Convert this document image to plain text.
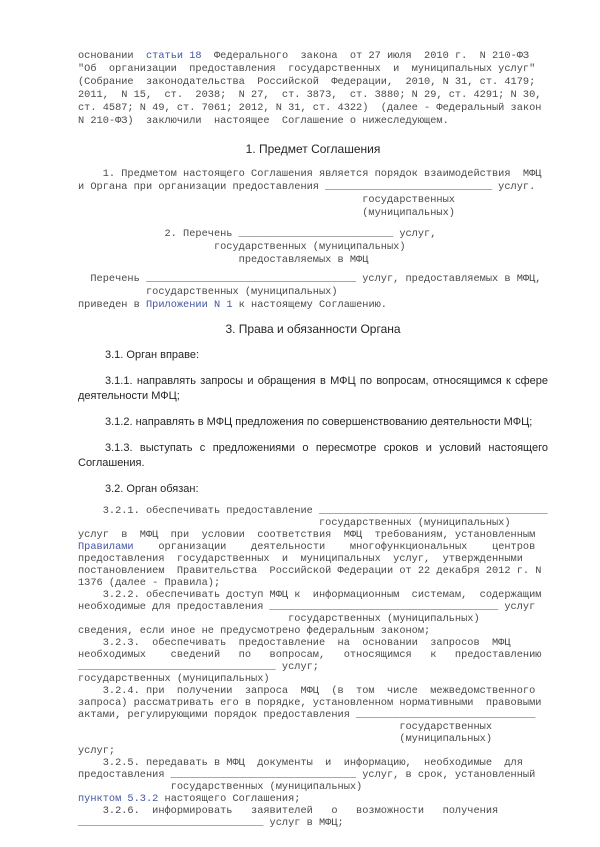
основании  статьи 18  Федерального  закона  от 27 июля  2010 г.  N 210-ФЗ
"Об  организации  предоставления  государственных  и  муниципальных услуг"
(Собрание  законодательства  Российской  Федерации,  2010, N 31, ст. 4179;
2011,  N 15,  ст.  2038;  N 27,  ст. 3873,  ст. 3880; N 29, ст. 4291; N 30,
ст. 4587; N 49, ст. 7061; 2012, N 31, ст. 4322)  (далее - Федеральный закон
N 210-ФЗ)  заключили  настоящее  Соглашение о нижеследующем.
1. Предмет Соглашения
1. Предметом настоящего Соглашения является порядок взаимодействия  МФЦ
и Органа при организации предоставления ___________________________ услуг.
государственных
(муниципальных)
2. Перечень _________________________ услуг,
государственных (муниципальных)
предоставляемых в МФЦ
Перечень __________________________________ услуг, предоставляемых в МФЦ,
государственных (муниципальных)
приведен в Приложении N 1 к настоящему Соглашению.
3. Права и обязанности Органа

3.1. Орган вправе:

3.1.1. направлять запросы и обращения в МФЦ по вопросам, относящимся к сфере деятельности МФЦ;

3.1.2. направлять в МФЦ предложения по совершенствованию деятельности МФЦ;

3.1.3. выступать с предложениями о пересмотре сроков и условий настоящего Соглашения.

3.2. Орган обязан:

3.2.1. обеспечивать предоставление _____________________________________
государственных (муниципальных)
услуг  в  МФЦ  при  условии  соответствия  МФЦ  требованиям, установленным
Правилами    организации    деятельности    многофункциональных    центров
предоставления  государственных  и  муниципальных  услуг,  утвержденными
постановлением  Правительства  Российской Федерации от 22 декабря 2012 г. N
1376 (далее - Правила);
3.2.2. обеспечивать доступ МФЦ к  информационным  системам,  содержащим
необходимые для предоставления _____________________________________ услуг
государственных (муниципальных)
сведения, если иное не предусмотрено федеральным законом;
3.2.3.  обеспечивать  предоставление  на  основании  запросов  МФЦ
необходимых    сведений   по   вопросам,   относящимся   к   предоставлению
________________________________ услуг;
государственных (муниципальных)
3.2.4. при  получении  запроса  МФЦ  (в  том  числе  межведомственного
запроса) рассматривать его в порядке, установленном нормативными  правовыми
актами, регулирующими порядок предоставления _____________________________
государственных
(муниципальных)
услуг;
3.2.5. передавать в МФЦ  документы  и  информацию,  необходимые  для
предоставления ______________________________ услуг, в срок, установленный
государственных (муниципальных)
пунктом 5.3.2 настоящего Соглашения;
3.2.6.  информировать   заявителей   о   возможности   получения
______________________________ услуг в МФЦ;
